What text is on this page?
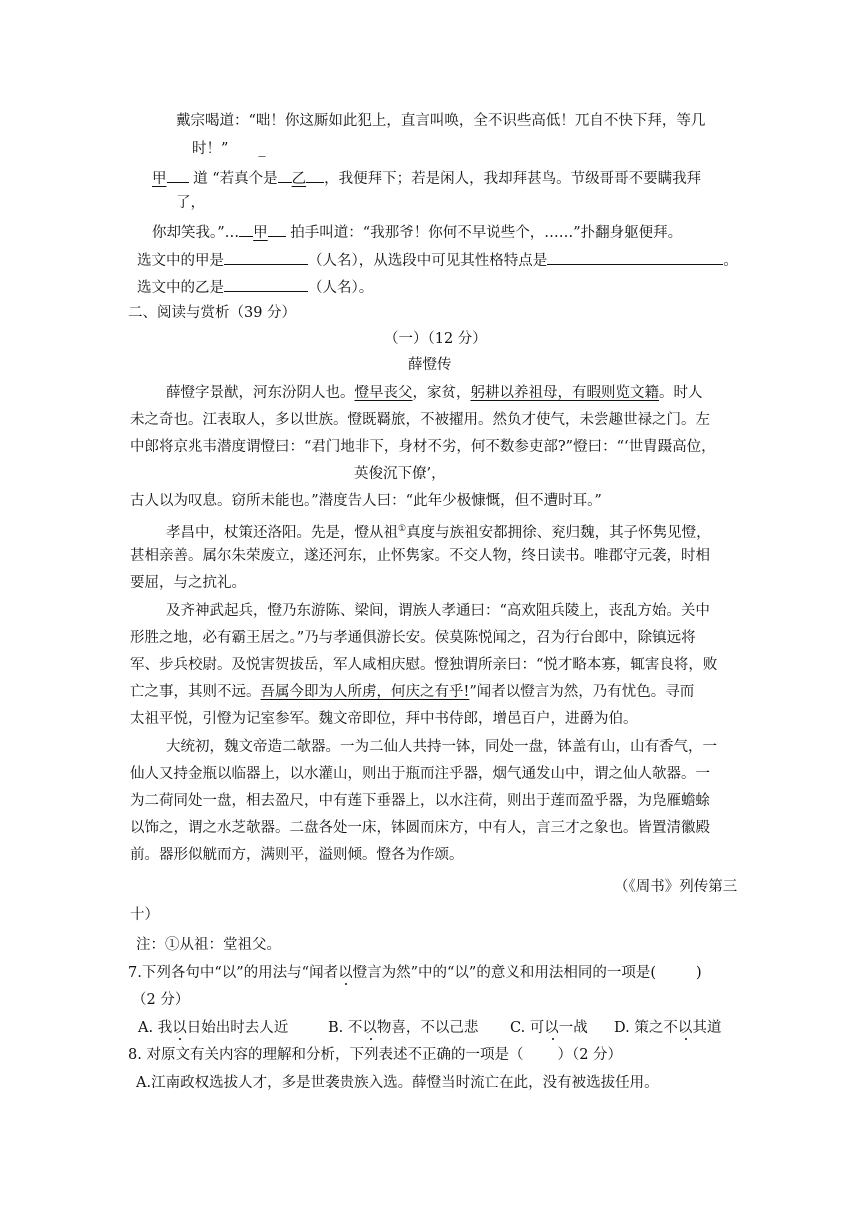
戴宗喝道：“咄！你这厮如此犯上，直言叫唤，全不识些高低！兀自不快下拜，等几
时！” _
甲 道 “若真个是 乙 ，我便拜下；若是闲人，我却拜甚鸟。节级哥哥不要瞒我拜
了，
你却笑我。”… 甲 拍手叫道：“我那爷！你何不早说些个，……”扑翻身躯便拜。
选文中的甲是	（人名），从选段中可见其性格特点是	。
选文中的乙是	（人名）。
二、阅读与赏析（39 分）
（一）（12 分）
薛憕传
薛憕字景猷，河东汾阴人也。憕早丧父，家贫，躬耕以养祖母，有暇则览文籍。时人
未之奇也。江表取人，多以世族。憕既羇旅，不被擢用。然负才使气，未尝趣世禄之门。左
中郎将京兆韦潜度谓憕曰：“君门地非下，身材不劣，何不数参吏部?”憕曰：“‘世胄蹑高位，
英俊沉下僚’，
古人以为叹息。窃所未能也。”潜度告人曰：“此年少极慷慨，但不遭时耳。”
孝昌中，杖策还洛阳。先是，憕从祖①真度与族祖安都拥徐、兖归魏，其子怀隽见憕，
甚相亲善。属尔朱荣废立，遂还河东，止怀隽家。不交人物，终日读书。唯郡守元袭，时相
要屈，与之抗礼。
及齐神武起兵，憕乃东游陈、梁间，谓族人孝通曰：“高欢阻兵陵上，丧乱方始。关中
形胜之地，必有霸王居之。”乃与孝通俱游长安。侯莫陈悦闻之，召为行台郎中，除镇远将
军、步兵校尉。及悦害贺拔岳，军人咸相庆慰。憕独谓所亲曰：“悦才略本寡，辄害良将，败
亡之事，其则不远。吾属今即为人所虏，何庆之有乎!”闻者以憕言为然，乃有忧色。寻而
太祖平悦，引憕为记室参军。魏文帝即位，拜中书侍郎，增邑百户，进爵为伯。
大统初，魏文帝造二欹器。一为二仙人共持一钵，同处一盘，钵盖有山，山有香气，一
仙人又持金瓶以临器上，以水灌山，则出于瓶而注乎器，烟气通发山中，谓之仙人欹器。一
为二荷同处一盘，相去盈尺，中有莲下垂器上，以水注荷，则出于莲而盈乎器，为凫雁蟾蜍
以饰之，谓之水芝欹器。二盘各处一床，钵圆而床方，中有人，言三才之象也。皆置清徽殿
前。器形似觥而方，满则平，溢则倾。憕各为作颂。
（《周书》列传第三
十）
注：①从祖：堂祖父。
7.下列各句中“以”的用法与“闻者以憕言为然”中的“以”的意义和用法相同的一项是(	)
（2 分）
A. 我以日始出时去人近	B. 不以物喜，不以己悲 C. 可以一战 D. 策之不以其道
8. 对原文有关内容的理解和分析，下列表述不正确的一项是（ ）（2 分）
A.江南政权选拔人才，多是世袭贵族入选。薛憕当时流亡在此，没有被选拔任用。
